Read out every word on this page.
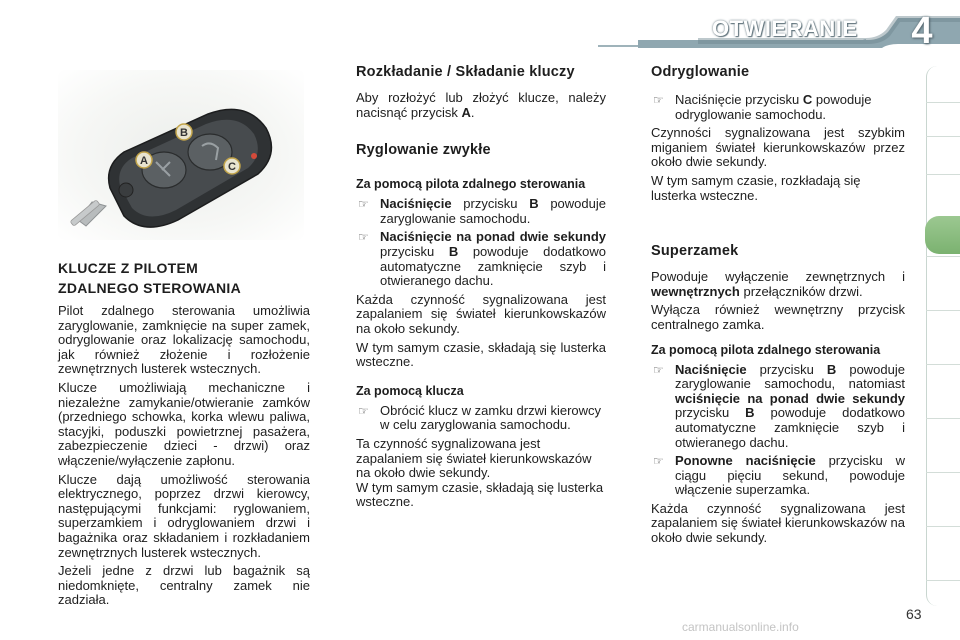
OTWIERANIE 4
B
C
A
KLUCZE Z PILOTEM
ZDALNEGO STEROWANIA

Pilot zdalnego sterowania umożliwia zaryglowanie, zamknięcie na super zamek, odryglowanie oraz lokalizację samochodu, jak również złożenie i rozłożenie zewnętrznych lusterek wstecznych.

Klucze umożliwiają mechaniczne i niezależne zamykanie/otwieranie zamków (przedniego schowka, korka wlewu paliwa, stacyjki, poduszki powietrznej pasażera, zabezpieczenie dzieci - drzwi) oraz włączenie/wyłączenie zapłonu.

Klucze dają umożliwość sterowania elektrycznego, poprzez drzwi kierowcy, następującymi funkcjami: ryglowaniem, superzamkiem i odryglowaniem drzwi i bagażnika oraz składaniem i rozkładaniem zewnętrznych lusterek wstecznych.

Jeżeli jedne z drzwi lub bagażnik są niedomknięte, centralny zamek nie zadziała.

Rozkładanie / Składanie kluczy

Aby rozłożyć lub złożyć klucze, należy nacisnąć przycisk A.

Ryglowanie zwykłe
Za pomocą pilota zdalnego sterowania
☞ Naciśnięcie przycisku B powoduje zaryglowanie samochodu.
☞ Naciśnięcie na ponad dwie sekundy przycisku B powoduje dodatkowo automatyczne zamknięcie szyb i otwieranego dachu.

Każda czynność sygnalizowana jest zapalaniem się świateł kierunkowskazów na około sekundy.

W tym samym czasie, składają się lusterka wsteczne.

Za pomocą klucza
☞ Obrócić klucz w zamku drzwi kierowcy w celu zaryglowania samochodu.

Ta czynność sygnalizowana jest zapalaniem się świateł kierunkowskazów na około dwie sekundy.

W tym samym czasie, składają się lusterka wsteczne.

Odryglowanie
☞ Naciśnięcie przycisku C powoduje odryglowanie samochodu.

Czynności sygnalizowana jest szybkim miganiem świateł kierunkowskazów przez około dwie sekundy.

W tym samym czasie, rozkładają się lusterka wsteczne.

Superzamek

Powoduje wyłączenie zewnętrznych i wewnętrznych przełączników drzwi.

Wyłącza również wewnętrzny przycisk centralnego zamka.

Za pomocą pilota zdalnego sterowania
☞ Naciśnięcie przycisku B powoduje zaryglowanie samochodu, natomiast wciśnięcie na ponad dwie sekundy przycisku B powoduje dodatkowo automatyczne zamknięcie szyb i otwieranego dachu.
☞ Ponowne naciśnięcie przycisku w ciągu pięciu sekund, powoduje włączenie superzamka.

Każda czynność sygnalizowana jest zapalaniem się świateł kierunkowskazów na około dwie sekundy.

63
carmanualsonline.info
